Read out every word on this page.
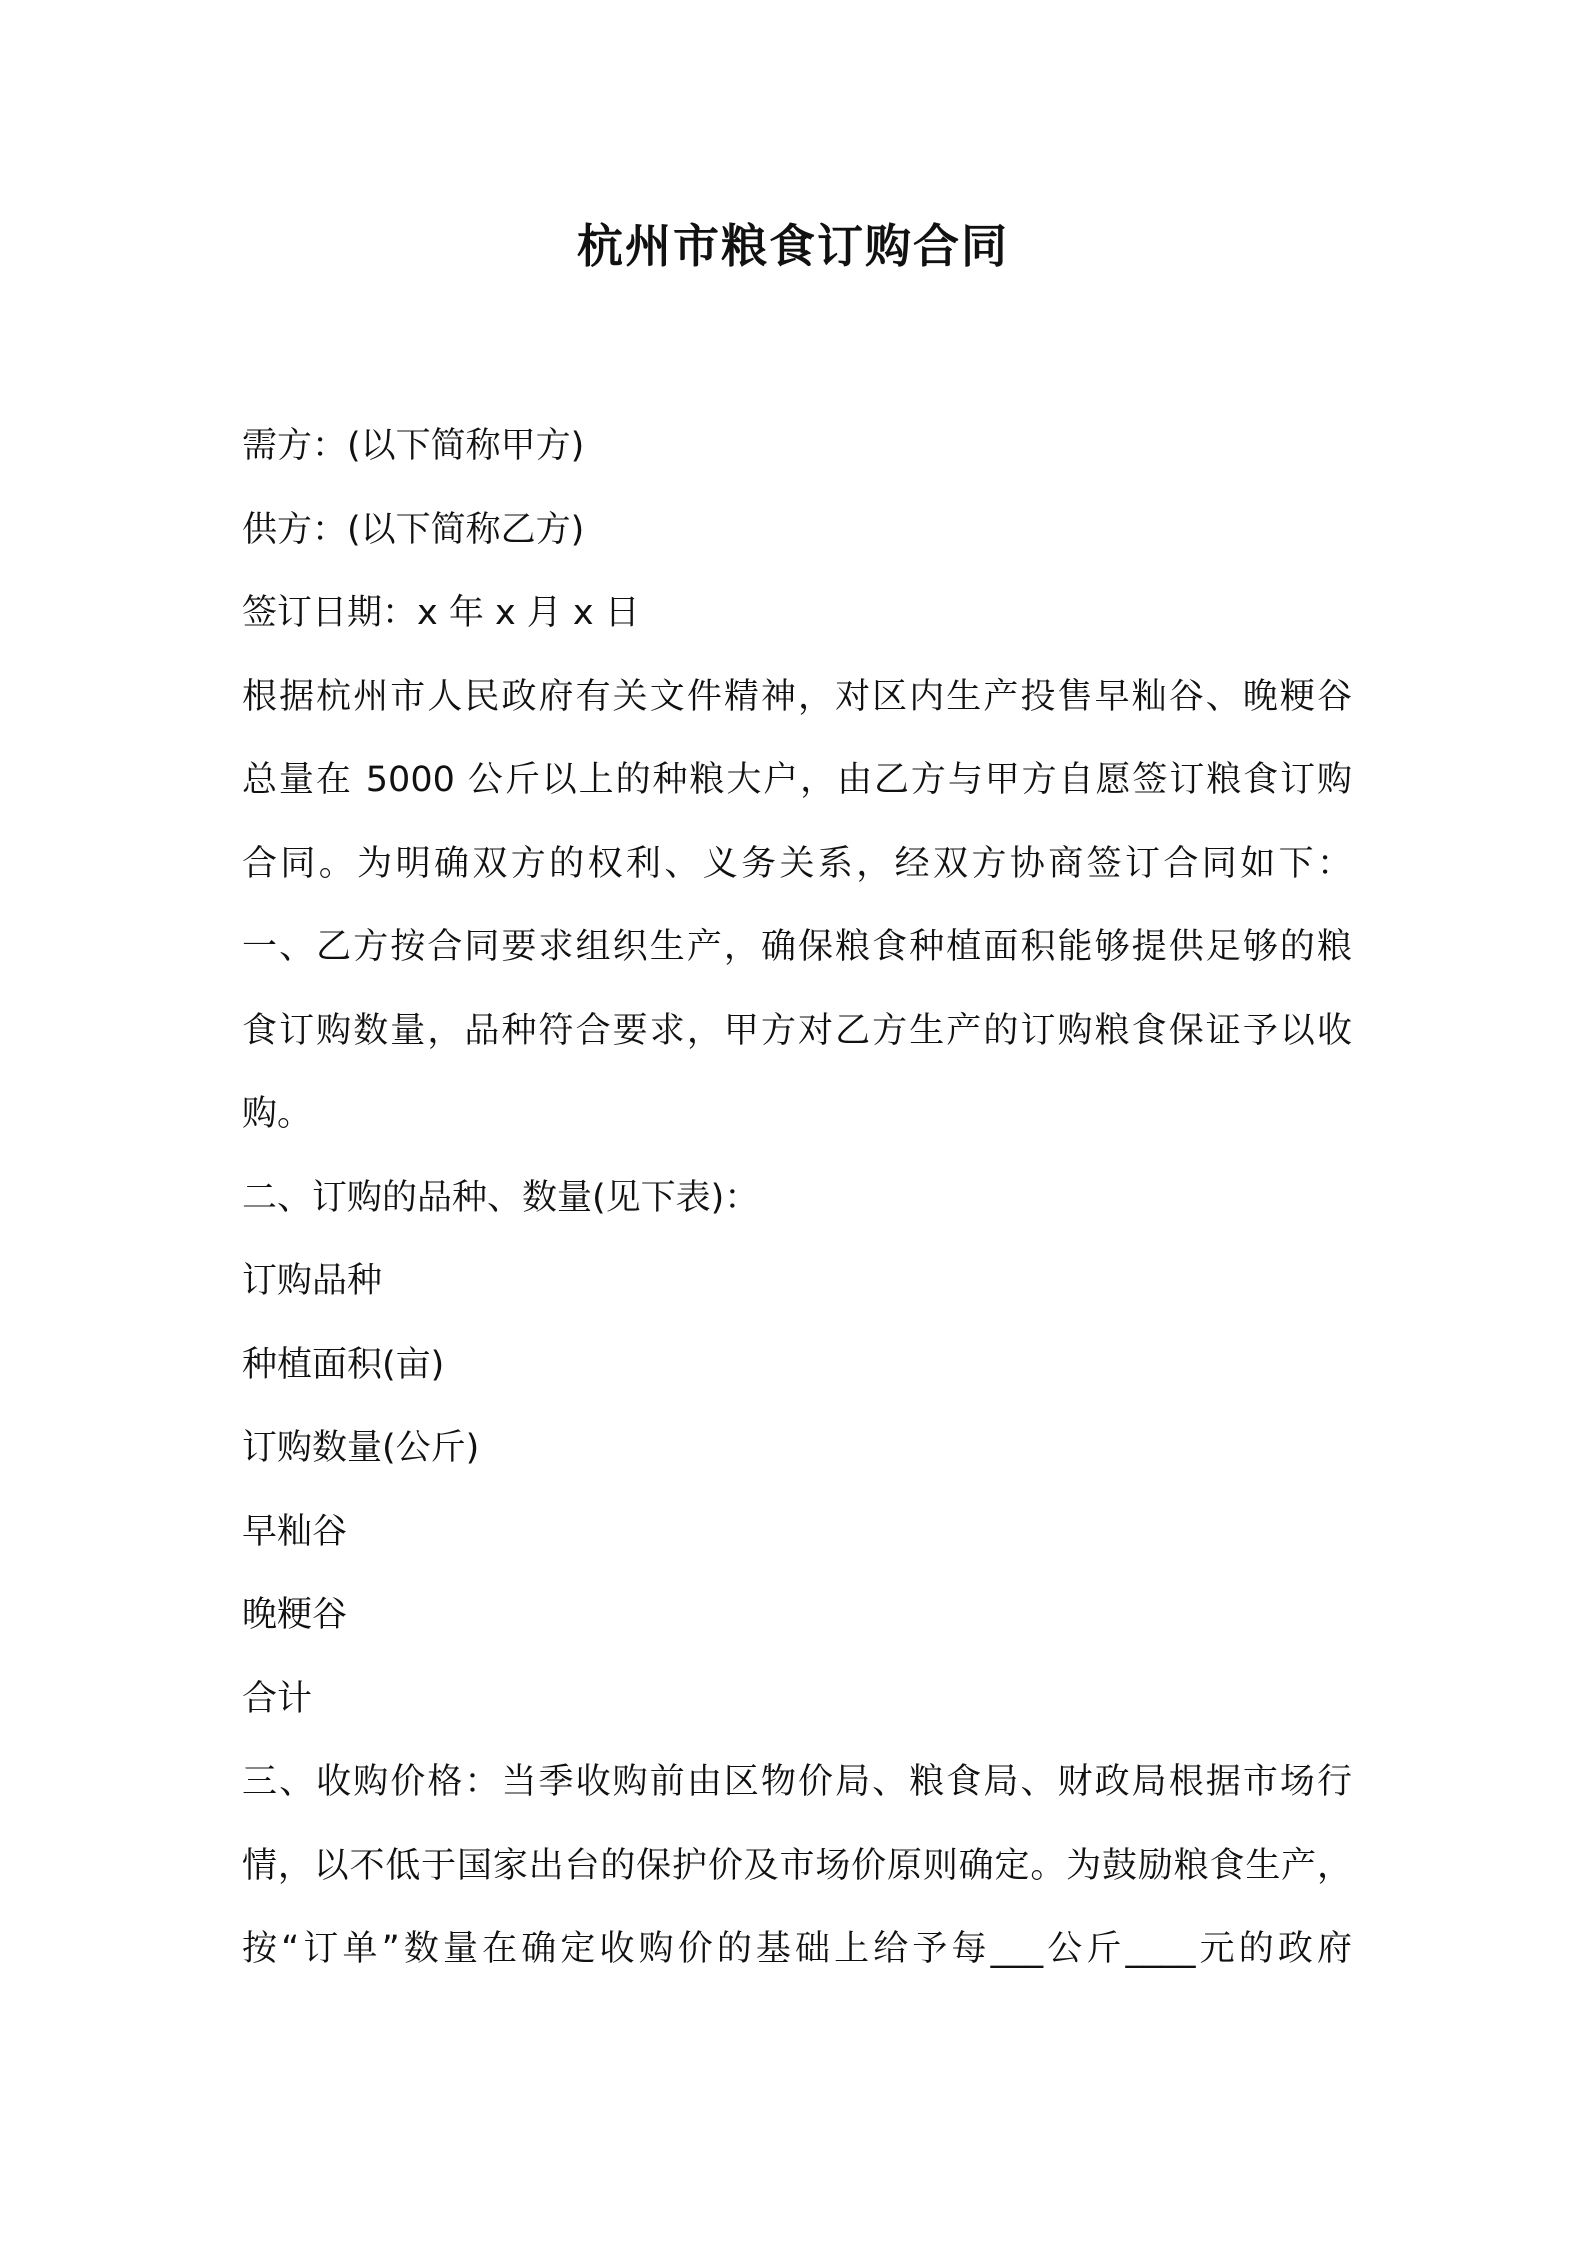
杭州市粮食订购合同
需方：(以下简称甲方)
供方：(以下简称乙方)
签订日期：x 年 x 月 x 日
根据杭州市人民政府有关文件精神，对区内生产投售早籼谷、晚粳谷
总量在 5000 公斤以上的种粮大户，由乙方与甲方自愿签订粮食订购
合同。为明确双方的权利、义务关系，经双方协商签订合同如下：
一、乙方按合同要求组织生产，确保粮食种植面积能够提供足够的粮
食订购数量，品种符合要求，甲方对乙方生产的订购粮食保证予以收
购。
二、订购的品种、数量(见下表)：
订购品种
种植面积(亩)
订购数量(公斤)
早籼谷
晚粳谷
合计
三、收购价格：当季收购前由区物价局、粮食局、财政局根据市场行
情，以不低于国家出台的保护价及市场价原则确定。为鼓励粮食生产，
按“订单”数量在确定收购价的基础上给予每___公斤____元的政府
